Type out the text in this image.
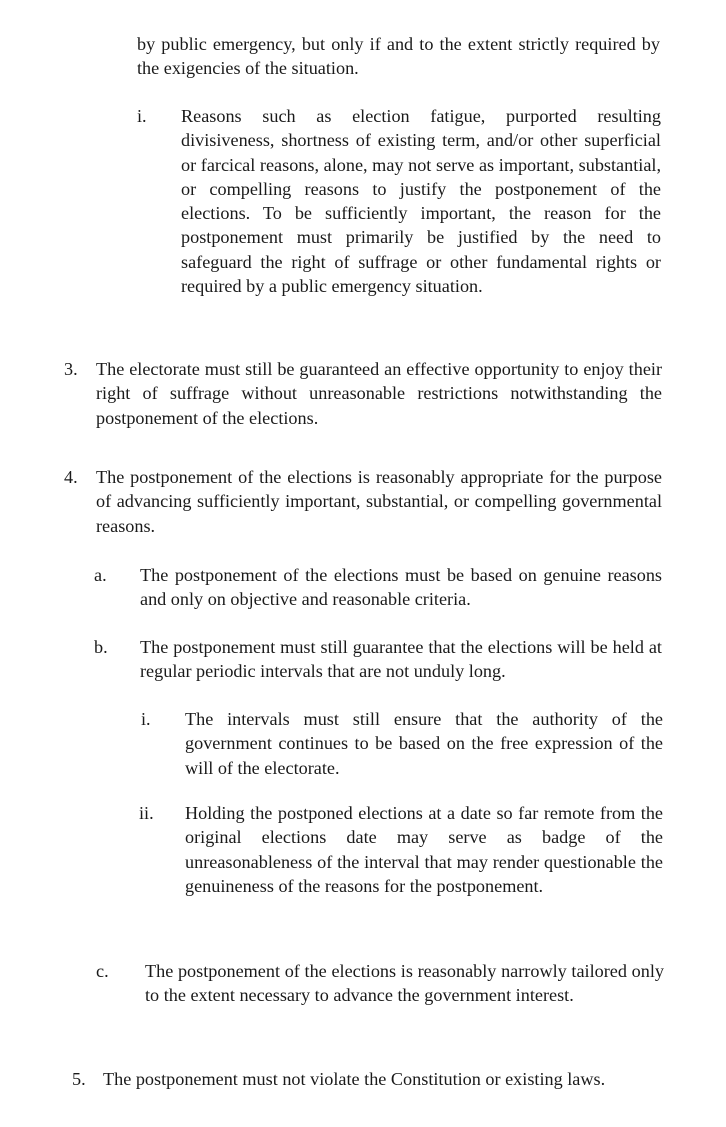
by public emergency, but only if and to the extent strictly required by the exigencies of the situation.

i. Reasons such as election fatigue, purported resulting divisiveness, shortness of existing term, and/or other superficial or farcical reasons, alone, may not serve as important, substantial, or compelling reasons to justify the postponement of the elections. To be sufficiently important, the reason for the postponement must primarily be justified by the need to safeguard the right of suffrage or other fundamental rights or required by a public emergency situation.

3. The electorate must still be guaranteed an effective opportunity to enjoy their right of suffrage without unreasonable restrictions notwithstanding the postponement of the elections.

4. The postponement of the elections is reasonably appropriate for the purpose of advancing sufficiently important, substantial, or compelling governmental reasons.

a. The postponement of the elections must be based on genuine reasons and only on objective and reasonable criteria.

b. The postponement must still guarantee that the elections will be held at regular periodic intervals that are not unduly long.

i. The intervals must still ensure that the authority of the government continues to be based on the free expression of the will of the electorate.

ii. Holding the postponed elections at a date so far remote from the original elections date may serve as badge of the unreasonableness of the interval that may render questionable the genuineness of the reasons for the postponement.

c. The postponement of the elections is reasonably narrowly tailored only to the extent necessary to advance the government interest.

5. The postponement must not violate the Constitution or existing laws.
